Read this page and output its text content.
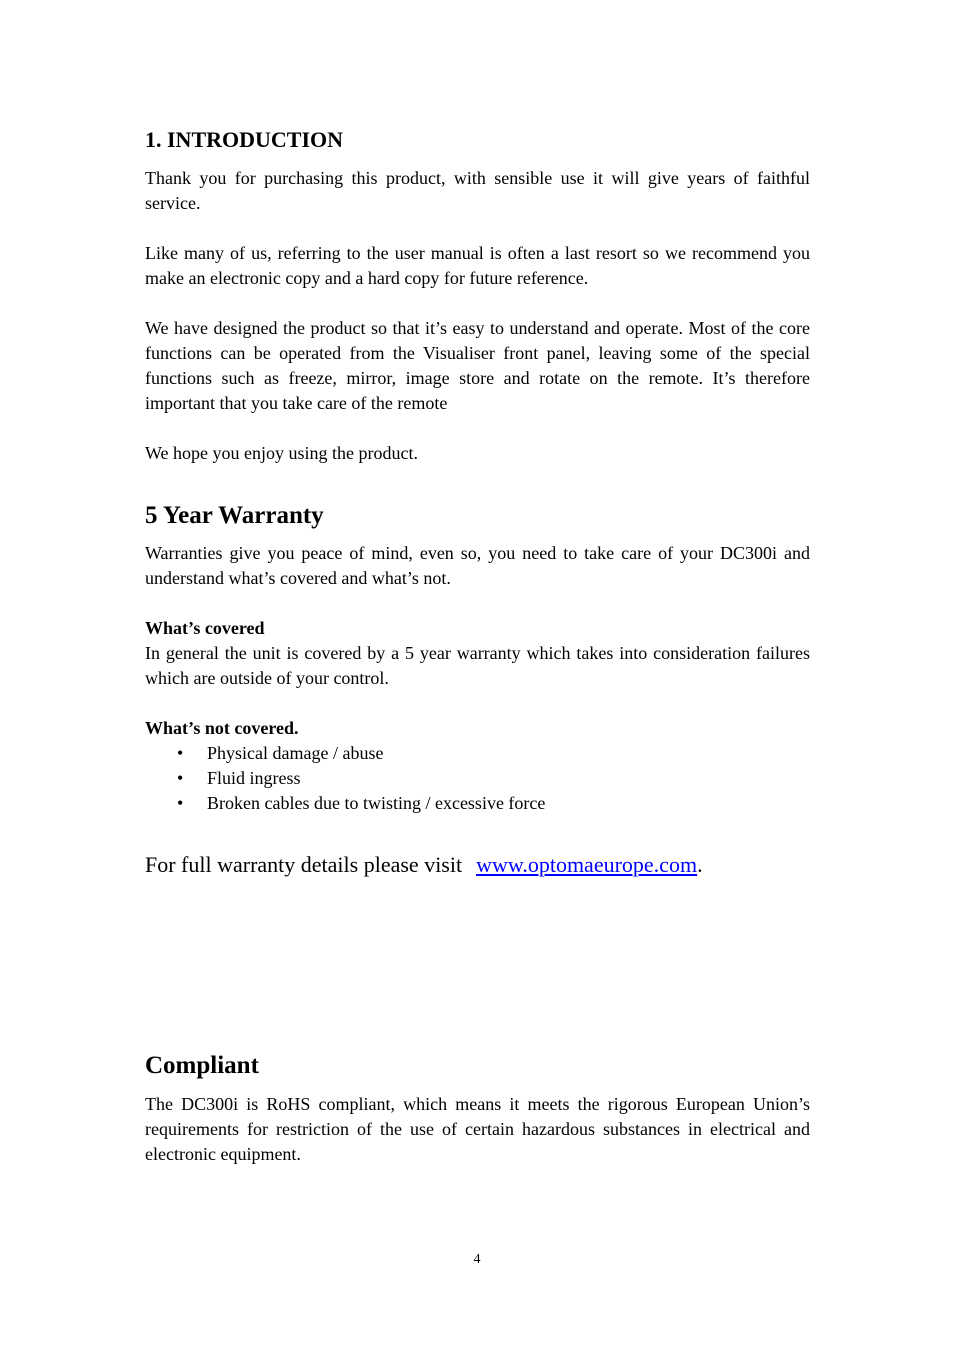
1. INTRODUCTION

Thank you for purchasing this product, with sensible use it will give years of faithful service.

Like many of us, referring to the user manual is often a last resort so we recommend you make an electronic copy and a hard copy for future reference.

We have designed the product so that it’s easy to understand and operate. Most of the core functions can be operated from the Visualiser front panel, leaving some of the special functions such as freeze, mirror, image store and rotate on the remote. It’s therefore important that you take care of the remote

We hope you enjoy using the product.

5 Year Warranty

Warranties give you peace of mind, even so, you need to take care of your DC300i and understand what’s covered and what’s not.

What’s covered

In general the unit is covered by a 5 year warranty which takes into consideration failures which are outside of your control.

What’s not covered.
• Physical damage / abuse
• Fluid ingress
• Broken cables due to twisting / excessive force
For full warranty details please visit www.optomaeurope.com.
Compliant

The DC300i is RoHS compliant, which means it meets the rigorous European Union’s requirements for restriction of the use of certain hazardous substances in electrical and electronic equipment.

4
